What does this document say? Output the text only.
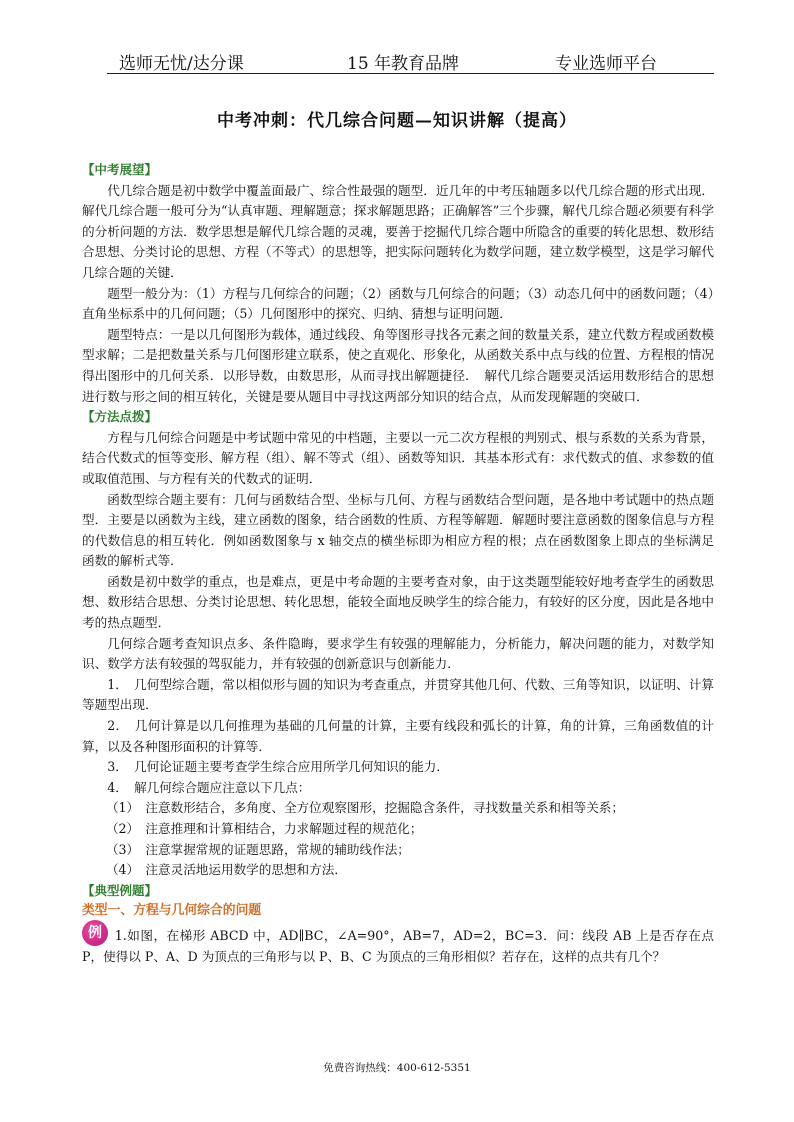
选师无忧/达分课	15 年教育品牌	专业选师平台
中考冲刺：代几综合问题—知识讲解（提高）

【中考展望】

代几综合题是初中数学中覆盖面最广、综合性最强的题型．近几年的中考压轴题多以代几综合题的形式出现．解代几综合题一般可分为“认真审题、理解题意；探求解题思路；正确解答”三个步骤，解代几综合题必须要有科学的分析问题的方法．数学思想是解代几综合题的灵魂，要善于挖掘代几综合题中所隐含的重要的转化思想、数形结合思想、分类讨论的思想、方程（不等式）的思想等，把实际问题转化为数学问题，建立数学模型，这是学习解代几综合题的关键．

题型一般分为：（1）方程与几何综合的问题；（2）函数与几何综合的问题；（3）动态几何中的函数问题；（4）直角坐标系中的几何问题；（5）几何图形中的探究、归纳、猜想与证明问题．

题型特点：一是以几何图形为载体，通过线段、角等图形寻找各元素之间的数量关系，建立代数方程或函数模型求解；二是把数量关系与几何图形建立联系，使之直观化、形象化，从函数关系中点与线的位置、方程根的情况得出图形中的几何关系．以形导数，由数思形，从而寻找出解题捷径．　解代几综合题要灵活运用数形结合的思想进行数与形之间的相互转化，关键是要从题目中寻找这两部分知识的结合点，从而发现解题的突破口．

【方法点拨】

方程与几何综合问题是中考试题中常见的中档题，主要以一元二次方程根的判别式、根与系数的关系为背景，结合代数式的恒等变形、解方程（组）、解不等式（组）、函数等知识．其基本形式有：求代数式的值、求参数的值或取值范围、与方程有关的代数式的证明．

函数型综合题主要有：几何与函数结合型、坐标与几何、方程与函数结合型问题，是各地中考试题中的热点题型．主要是以函数为主线，建立函数的图象，结合函数的性质、方程等解题．解题时要注意函数的图象信息与方程的代数信息的相互转化．例如函数图象与 x 轴交点的横坐标即为相应方程的根；点在函数图象上即点的坐标满足函数的解析式等．

函数是初中数学的重点，也是难点，更是中考命题的主要考查对象，由于这类题型能较好地考查学生的函数思想、数形结合思想、分类讨论思想、转化思想，能较全面地反映学生的综合能力，有较好的区分度，因此是各地中考的热点题型．

几何综合题考查知识点多、条件隐晦，要求学生有较强的理解能力，分析能力，解决问题的能力，对数学知识、数学方法有较强的驾驭能力，并有较强的创新意识与创新能力．

1．　几何型综合题，常以相似形与圆的知识为考查重点，并贯穿其他几何、代数、三角等知识，以证明、计算等题型出现．

2．　几何计算是以几何推理为基础的几何量的计算，主要有线段和弧长的计算，角的计算，三角函数值的计算，以及各种图形面积的计算等．

3．　几何论证题主要考查学生综合应用所学几何知识的能力．

4．　解几何综合题应注意以下几点：

（1）　注意数形结合，多角度、全方位观察图形，挖掘隐含条件，寻找数量关系和相等关系；

（2）　注意推理和计算相结合，力求解题过程的规范化；

（3）　注意掌握常规的证题思路，常规的辅助线作法；

（4）　注意灵活地运用数学的思想和方法．

【典型例题】

类型一、方程与几何综合的问题

例	1.如图，在梯形 ABCD 中，AD∥BC，∠A=90°，AB=7，AD=2，BC=3．问：线段 AB 上是否存在点P，使得以 P、A、D 为顶点的三角形与以 P、B、C 为顶点的三角形相似？若存在，这样的点共有几个？

免费咨询热线：400-612-5351
